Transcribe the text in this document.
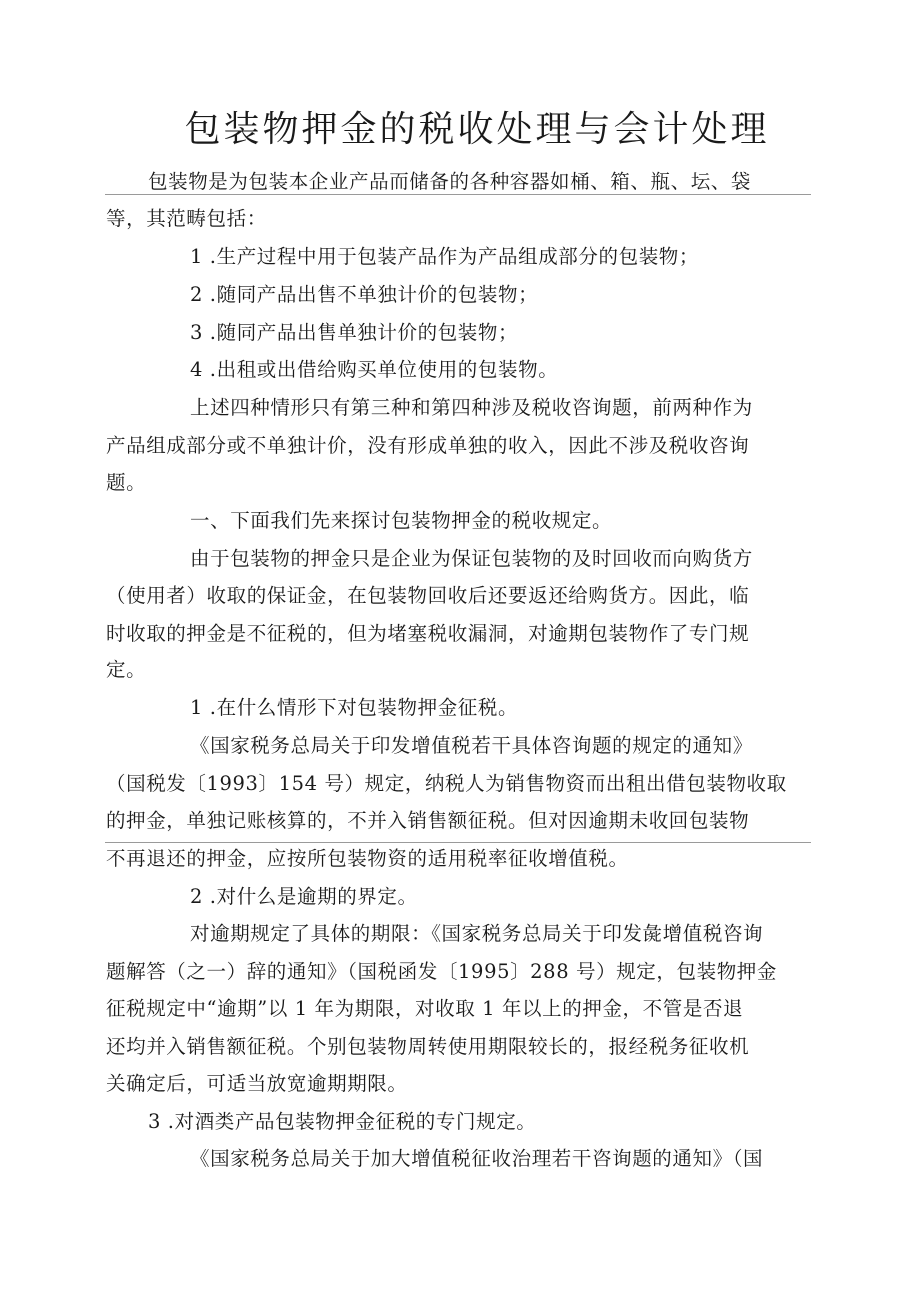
包装物押金的税收处理与会计处理
包装物是为包装本企业产品而储备的各种容器如桶、箱、瓶、坛、袋
等，其范畴包括：
1 .生产过程中用于包装产品作为产品组成部分的包装物；
2 .随同产品出售不单独计价的包装物；
3 .随同产品出售单独计价的包装物；
4 .出租或出借给购买单位使用的包装物。
上述四种情形只有第三种和第四种涉及税收咨询题，前两种作为
产品组成部分或不单独计价，没有形成单独的收入，因此不涉及税收咨询
题。
一、下面我们先来探讨包装物押金的税收规定。
由于包装物的押金只是企业为保证包装物的及时回收而向购货方
（使用者）收取的保证金，在包装物回收后还要返还给购货方。因此，临
时收取的押金是不征税的，但为堵塞税收漏洞，对逾期包装物作了专门规
定。
1 .在什么情形下对包装物押金征税。
《国家税务总局关于印发增值税若干具体咨询题的规定的通知》
（国税发〔1993〕154 号）规定，纳税人为销售物资而出租出借包装物收取
的押金，单独记账核算的，不并入销售额征税。但对因逾期未收回包装物
不再退还的押金，应按所包装物资的适用税率征收增值税。
2 .对什么是逾期的界定。
对逾期规定了具体的期限：《国家税务总局关于印发彘增值税咨询
题解答（之一）辞的通知》（国税函发〔1995〕288 号）规定，包装物押金
征税规定中“逾期”以 1 年为期限，对收取 1 年以上的押金，不管是否退
还均并入销售额征税。个别包装物周转使用期限较长的，报经税务征收机
关确定后，可适当放宽逾期期限。
3 .对酒类产品包装物押金征税的专门规定。
《国家税务总局关于加大增值税征收治理若干咨询题的通知》（国
